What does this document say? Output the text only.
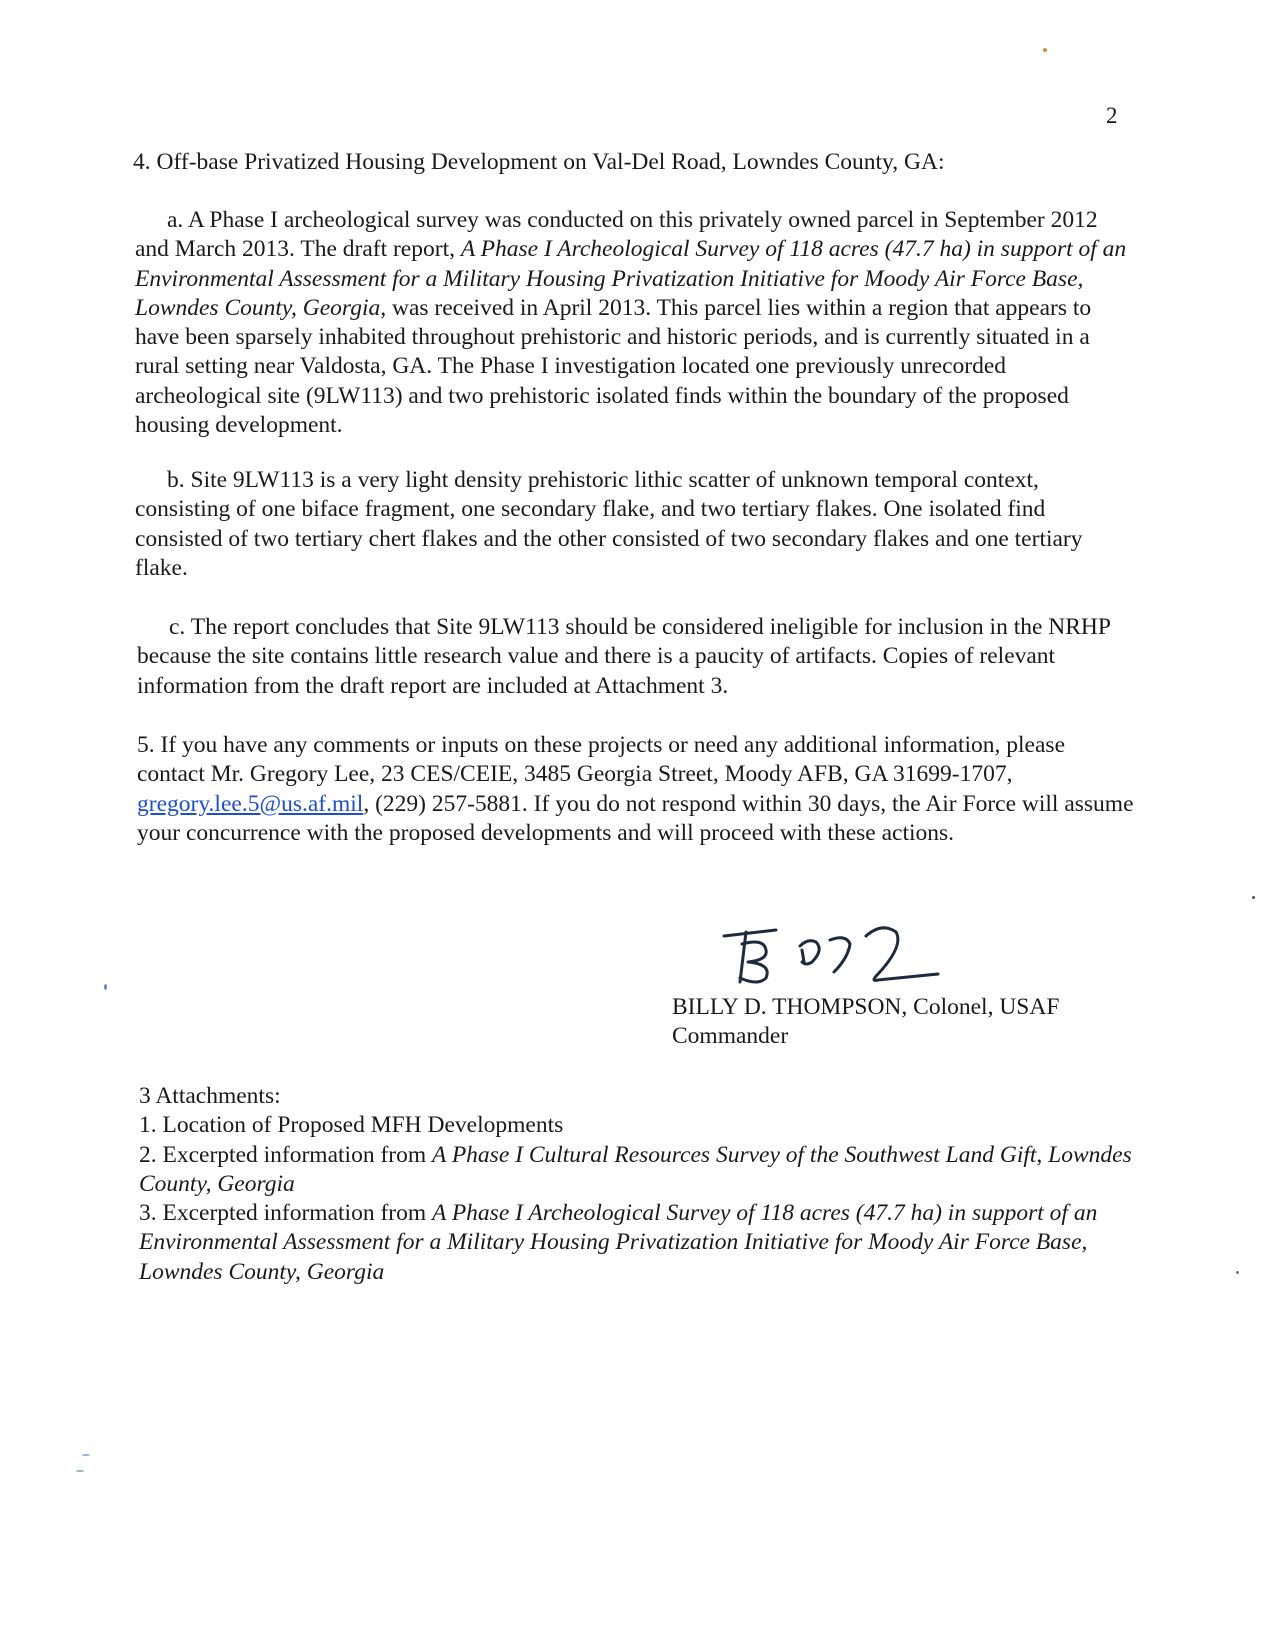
2
4. Off-base Privatized Housing Development on Val-Del Road, Lowndes County, GA:
a. A Phase I archeological survey was conducted on this privately owned parcel in September 2012 and March 2013. The draft report, A Phase I Archeological Survey of 118 acres (47.7 ha) in support of an Environmental Assessment for a Military Housing Privatization Initiative for Moody Air Force Base, Lowndes County, Georgia, was received in April 2013. This parcel lies within a region that appears to have been sparsely inhabited throughout prehistoric and historic periods, and is currently situated in a rural setting near Valdosta, GA. The Phase I investigation located one previously unrecorded archeological site (9LW113) and two prehistoric isolated finds within the boundary of the proposed housing development.
b. Site 9LW113 is a very light density prehistoric lithic scatter of unknown temporal context, consisting of one biface fragment, one secondary flake, and two tertiary flakes. One isolated find consisted of two tertiary chert flakes and the other consisted of two secondary flakes and one tertiary flake.
c. The report concludes that Site 9LW113 should be considered ineligible for inclusion in the NRHP because the site contains little research value and there is a paucity of artifacts. Copies of relevant information from the draft report are included at Attachment 3.
5. If you have any comments or inputs on these projects or need any additional information, please contact Mr. Gregory Lee, 23 CES/CEIE, 3485 Georgia Street, Moody AFB, GA 31699-1707, gregory.lee.5@us.af.mil, (229) 257-5881. If you do not respond within 30 days, the Air Force will assume your concurrence with the proposed developments and will proceed with these actions.
BILLY D. THOMPSON, Colonel, USAF
Commander
3 Attachments:
1. Location of Proposed MFH Developments
2. Excerpted information from A Phase I Cultural Resources Survey of the Southwest Land Gift, Lowndes County, Georgia
3. Excerpted information from A Phase I Archeological Survey of 118 acres (47.7 ha) in support of an Environmental Assessment for a Military Housing Privatization Initiative for Moody Air Force Base, Lowndes County, Georgia
